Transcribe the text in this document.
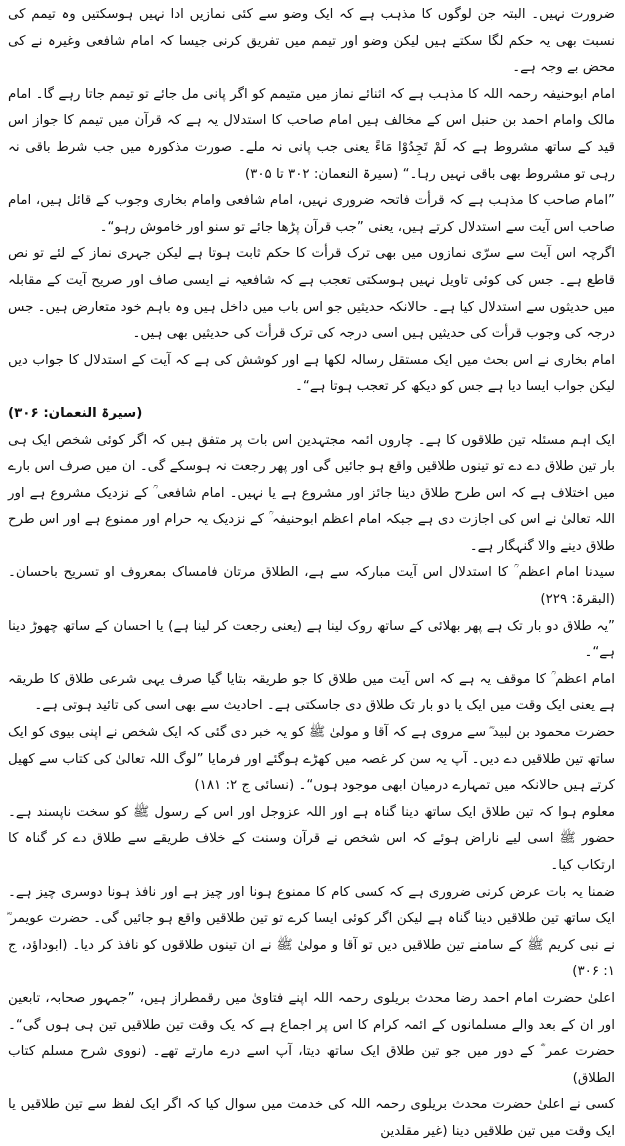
ضرورت نہیں۔ البتہ جن لوگوں کا مذہب ہے کہ ایک وضو سے کئی نمازیں ادا نہیں ہوسکتیں وہ تیمم کی نسبت بھی یہ حکم لگا سکتے ہیں لیکن وضو اور تیمم میں تفریق کرنی جیسا کہ امام شافعی وغیرہ نے کی محض بے وجہ ہے۔

امام ابوحنیفہ رحمہ اللہ کا مذہب ہے کہ اثنائے نماز میں متیمم کو اگر پانی مل جائے تو تیمم جاتا رہے گا۔ امام مالک وامام احمد بن حنبل اس کے مخالف ہیں امام صاحب کا استدلال یہ ہے کہ قرآن میں تیمم کا جواز اس قید کے ساتھ مشروط ہے کہ لَمْ تَجِدُوْا مَاءً یعنی جب پانی نہ ملے۔ صورت مذکورہ میں جب شرط باقی نہ رہی تو مشروط بھی باقی نہیں رہا۔“ (سیرۃ النعمان: ۳۰۲ تا ۳۰۵)

”امام صاحب کا مذہب ہے کہ قرأت فاتحہ ضروری نہیں، امام شافعی وامام بخاری وجوب کے قائل ہیں، امام صاحب اس آیت سے استدلال کرتے ہیں، یعنی ”جب قرآن پڑھا جائے تو سنو اور خاموش رہو“۔

اگرچہ اس آیت سے سرّی نمازوں میں بھی ترک قرأت کا حکم ثابت ہوتا ہے لیکن جہری نماز کے لئے تو نص قاطع ہے۔ جس کی کوئی تاویل نہیں ہوسکتی تعجب ہے کہ شافعیہ نے ایسی صاف اور صریح آیت کے مقابلہ میں حدیثوں سے استدلال کیا ہے۔ حالانکہ حدیثیں جو اس باب میں داخل ہیں وہ باہم خود متعارض ہیں۔ جس درجہ کی وجوب قرأت کی حدیثیں ہیں اسی درجہ کی ترک قرأت کی حدیثیں بھی ہیں۔

امام بخاری نے اس بحث میں ایک مستقل رسالہ لکھا ہے اور کوشش کی ہے کہ آیت کے استدلال کا جواب دیں لیکن جواب ایسا دیا ہے جس کو دیکھ کر تعجب ہوتا ہے“۔

(سیرۃ النعمان: ۳۰۶)

ایک اہم مسئلہ تین طلاقوں کا ہے۔ چاروں ائمہ مجتہدین اس بات پر متفق ہیں کہ اگر کوئی شخص ایک ہی بار تین طلاق دے دے تو تینوں طلاقیں واقع ہو جائیں گی اور پھر رجعت نہ ہوسکے گی۔ ان میں صرف اس بارے میں اختلاف ہے کہ اس طرح طلاق دینا جائز اور مشروع ہے یا نہیں۔ امام شافعی ؒ کے نزدیک مشروع ہے اور اللہ تعالیٰ نے اس کی اجازت دی ہے جبکہ امام اعظم ابوحنیفہ ؒ کے نزدیک یہ حرام اور ممنوع ہے اور اس طرح طلاق دینے والا گنہگار ہے۔

سیدنا امام اعظم ؒ کا استدلال اس آیت مبارکہ سے ہے، الطلاق مرتان فامساک بمعروف او تسریح باحسان۔ (البقرۃ: ۲۲۹)

”یہ طلاق دو بار تک ہے پھر بھلائی کے ساتھ روک لینا ہے (یعنی رجعت کر لینا ہے) یا احسان کے ساتھ چھوڑ دینا ہے“۔

امام اعظم ؒ کا موقف یہ ہے کہ اس آیت میں طلاق کا جو طریقہ بتایا گیا صرف یہی شرعی طلاق کا طریقہ ہے یعنی ایک وقت میں ایک یا دو بار تک طلاق دی جاسکتی ہے۔ احادیث سے بھی اسی کی تائید ہوتی ہے۔

حضرت محمود بن لبید ؓ سے مروی ہے کہ آقا و مولیٰ ﷺ کو یہ خبر دی گئی کہ ایک شخص نے اپنی بیوی کو ایک ساتھ تین طلاقیں دے دیں۔ آپ یہ سن کر غصہ میں کھڑے ہوگئے اور فرمایا ”لوگ اللہ تعالیٰ کی کتاب سے کھیل کرتے ہیں حالانکہ میں تمہارے درمیان ابھی موجود ہوں“۔ (نسائی ج ۲: ۱۸۱)

معلوم ہوا کہ تین طلاق ایک ساتھ دینا گناہ ہے اور اللہ عزوجل اور اس کے رسول ﷺ کو سخت ناپسند ہے۔ حضور ﷺ اسی لیے ناراض ہوئے کہ اس شخص نے قرآن وسنت کے خلاف طریقے سے طلاق دے کر گناہ کا ارتکاب کیا۔

ضمنا یہ بات عرض کرنی ضروری ہے کہ کسی کام کا ممنوع ہونا اور چیز ہے اور نافذ ہونا دوسری چیز ہے۔ ایک ساتھ تین طلاقیں دینا گناہ ہے لیکن اگر کوئی ایسا کرے تو تین طلاقیں واقع ہو جائیں گی۔ حضرت عویمر ؓ نے نبی کریم ﷺ کے سامنے تین طلاقیں دیں تو آقا و مولیٰ ﷺ نے ان تینوں طلاقوں کو نافذ کر دیا۔ (ابوداؤد، ج ۱: ۳۰۶)

اعلیٰ حضرت امام احمد رضا محدث بریلوی رحمہ اللہ اپنے فتاویٰ میں رقمطراز ہیں، ”جمہور صحابہ، تابعین اور ان کے بعد والے مسلمانوں کے ائمہ کرام کا اس پر اجماع ہے کہ یک وقت تین طلاقیں تین ہی ہوں گی“۔ حضرت عمر ؓ کے دور میں جو تین طلاق ایک ساتھ دیتا، آپ اسے درے مارتے تھے۔ (نووی شرح مسلم کتاب الطلاق)

کسی نے اعلیٰ حضرت محدث بریلوی رحمہ اللہ کی خدمت میں سوال کیا کہ اگر ایک لفظ سے تین طلاقیں یا ایک وقت میں تین طلاقیں دینا (غیر مقلدین
